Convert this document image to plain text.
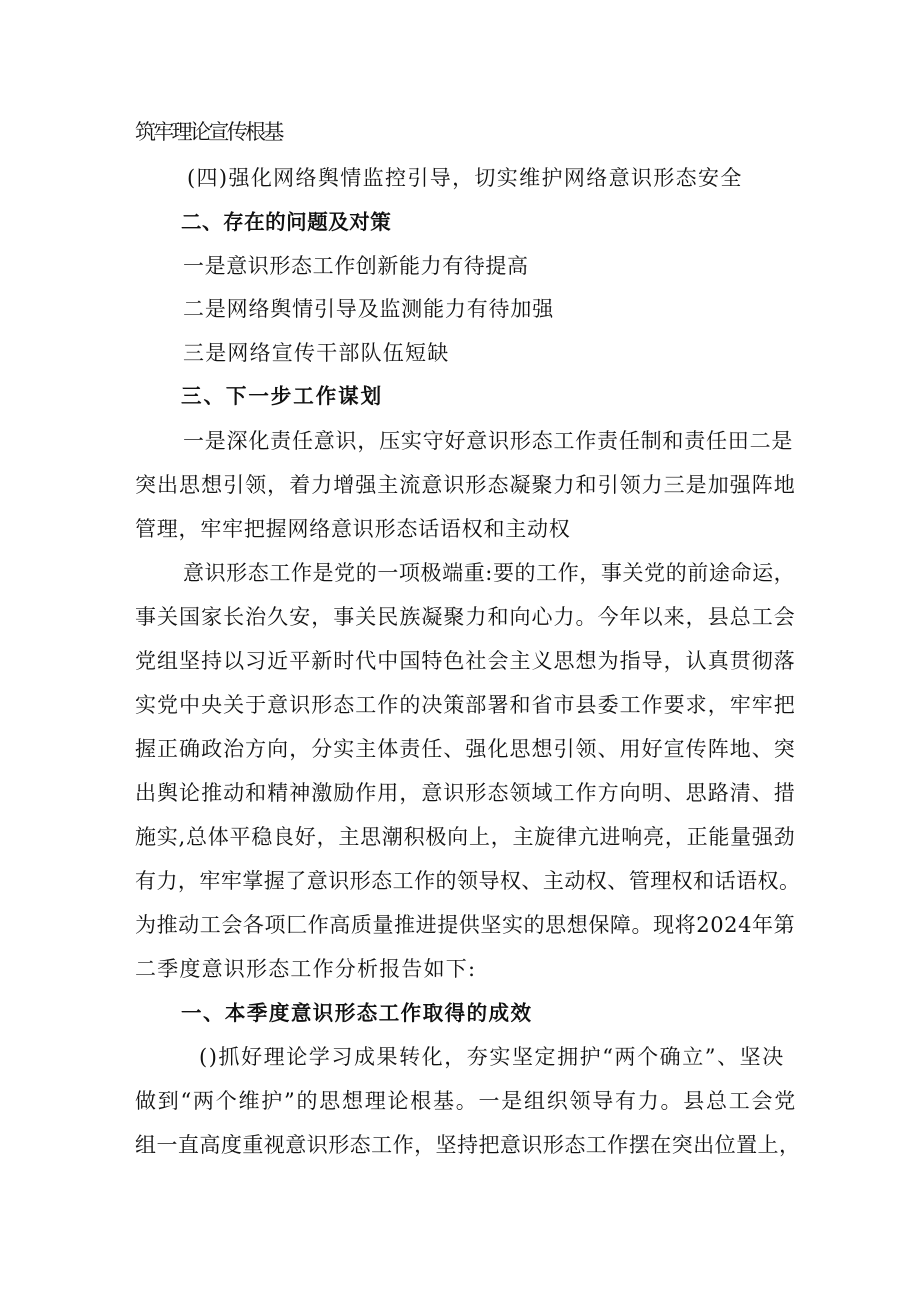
筑牢理论宣传根基
(四)强化网络舆情监控引导，切实维护网络意识形态安全
二、存在的问题及对策
一是意识形态工作创新能力有待提高
二是网络舆情引导及监测能力有待加强
三是网络宣传干部队伍短缺
三、下一步工作谋划
一是深化责任意识，压实守好意识形态工作责任制和责任田二是
突出思想引领，着力增强主流意识形态凝聚力和引领力三是加强阵地
管理，牢牢把握网络意识形态话语权和主动权
意识形态工作是党的一项极端重:要的工作，事关党的前途命运，
事关国家长治久安，事关民族凝聚力和向心力。今年以来，县总工会
党组坚持以习近平新时代中国特色社会主义思想为指导，认真贯彻落
实党中央关于意识形态工作的决策部署和省市县委工作要求，牢牢把
握正确政治方向，分实主体责任、强化思想引领、用好宣传阵地、突
出舆论推动和精神激励作用，意识形态领域工作方向明、思路清、措
施实,总体平稳良好，主思潮积极向上，主旋律亢进响亮，正能量强劲
有力，牢牢掌握了意识形态工作的领导权、主动权、管理权和话语权。
为推动工会各项匚作高质量推进提供坚实的思想保障。现将2024年第
二季度意识形态工作分析报告如下:
一、本季度意识形态工作取得的成效
()抓好理论学习成果转化，夯实坚定拥护“两个确立”、坚决
做到“两个维护”的思想理论根基。一是组织领导有力。县总工会党
组一直高度重视意识形态工作，坚持把意识形态工作摆在突出位置上，
